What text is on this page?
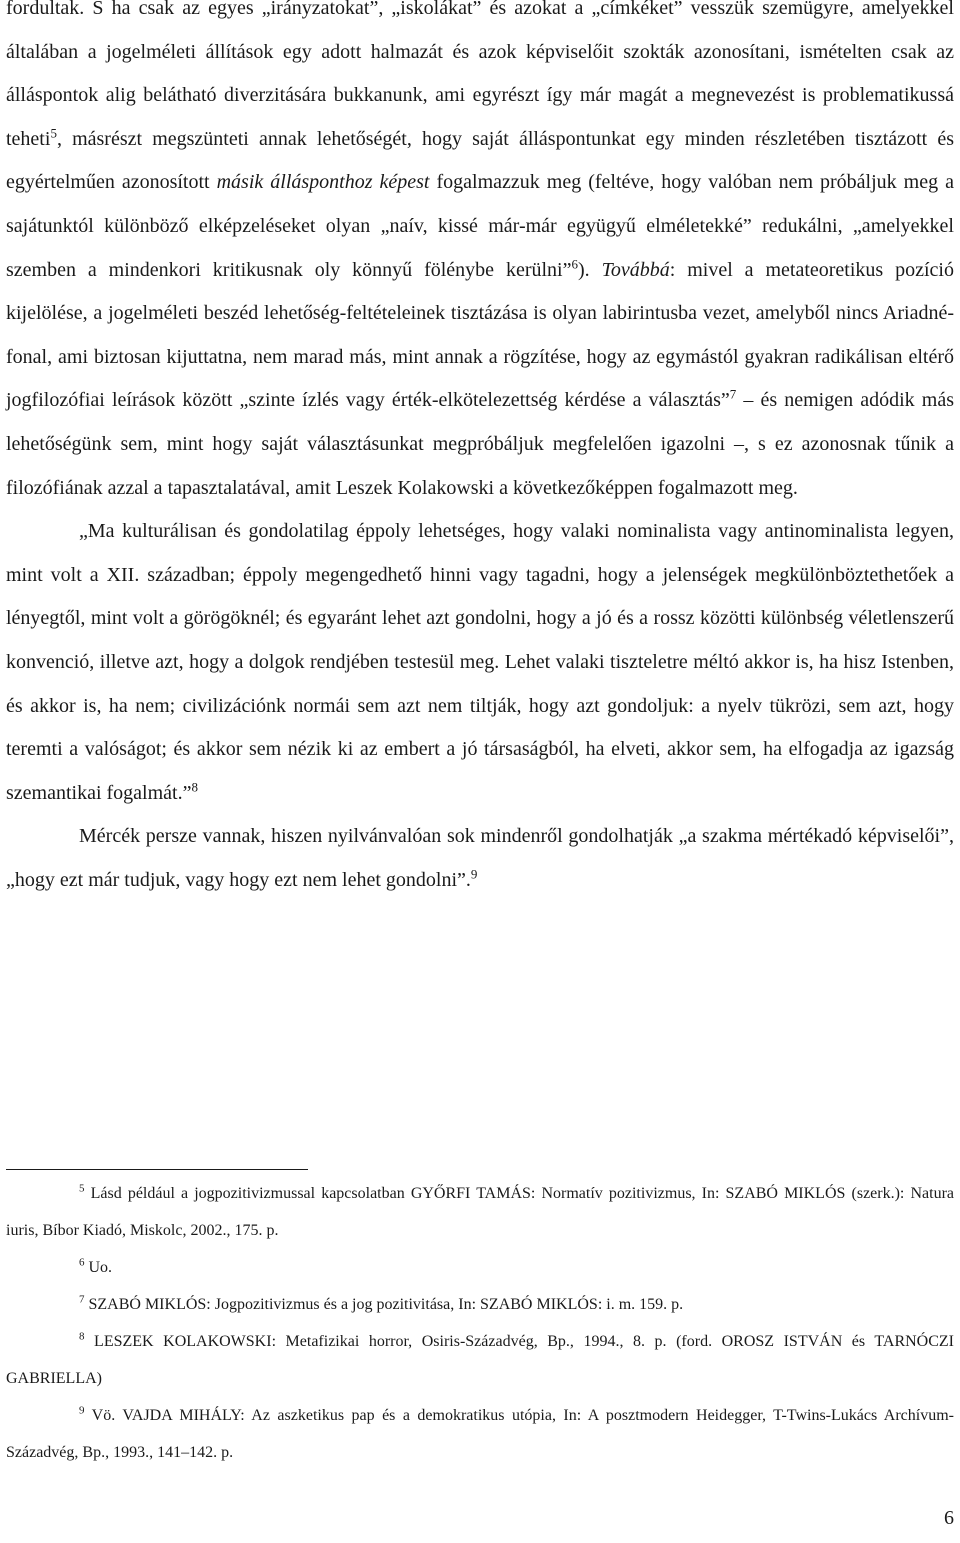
fordultak. S ha csak az egyes „irányzatokat”, „iskolákat” és azokat a „címkéket” vesszük szemügyre, amelyekkel általában a jogelméleti állítások egy adott halmazát és azok képviselőit szokták azonosítani, ismételten csak az álláspontok alig belátható diverzitására bukkanunk, ami egyrészt így már magát a megnevezést is problematikussá teheti$^5$, másrészt megszünteti annak lehetőségét, hogy saját álláspontunkat egy minden részletében tisztázott és egyértelműen azonosított másik állásponthoz képest fogalmazzuk meg (feltéve, hogy valóban nem próbáljuk meg a sajátunktól különböző elképzeléseket olyan „naív, kissé már-már együgyű elméletekké” redukálni, „amelyekkel szemben a mindenkori kritikusnak oly könnyű fölénybe kerülni”$^6$). Továbbá: mivel a metateoretikus pozíció kijelölése, a jogelméleti beszéd lehetőség-feltételeinek tisztázása is olyan labirintusba vezet, amelyből nincs Ariadné-fonal, ami biztosan kijuttatna, nem marad más, mint annak a rögzítése, hogy az egymástól gyakran radikálisan eltérő jogfilozófiai leírások között „szinte ízlés vagy érték-elkötelezettség kérdése a választás”$^7$ – és nemigen adódik más lehetőségünk sem, mint hogy saját választásunkat megpróbáljuk megfelelően igazolni –, s ez azonosnak tűnik a filozófiának azzal a tapasztalatával, amit Leszek Kolakowski a következőképpen fogalmazott meg.

„Ma kulturálisan és gondolatilag éppoly lehetséges, hogy valaki nominalista vagy antinominalista legyen, mint volt a XII. században; éppoly megengedhető hinni vagy tagadni, hogy a jelenségek megkülönböztethetőek a lényegtől, mint volt a görögöknél; és egyaránt lehet azt gondolni, hogy a jó és a rossz közötti különbség véletlenszerű konvenció, illetve azt, hogy a dolgok rendjében testesül meg. Lehet valaki tiszteletre méltó akkor is, ha hisz Istenben, és akkor is, ha nem; civilizációnk normái sem azt nem tiltják, hogy azt gondoljuk: a nyelv tükrözi, sem azt, hogy teremti a valóságot; és akkor sem nézik ki az embert a jó társaságból, ha elveti, akkor sem, ha elfogadja az igazság szemantikai fogalmát.”$^8$

Mércék persze vannak, hiszen nyilvánvalóan sok mindenről gondolhatják „a szakma mértékadó képviselői”, „hogy ezt már tudjuk, vagy hogy ezt nem lehet gondolni”.$^9$

$^5$ Lásd például a jogpozitivizmussal kapcsolatban GYŐRFI TAMÁS: Normatív pozitivizmus, In: SZABÓ MIKLÓS (szerk.): Natura iuris, Bíbor Kiadó, Miskolc, 2002., 175. p.

$^6$ Uo.

$^7$ SZABÓ MIKLÓS: Jogpozitivizmus és a jog pozitivitása, In: SZABÓ MIKLÓS: i. m. 159. p.

$^8$ LESZEK KOLAKOWSKI: Metafizikai horror, Osiris-Századvég, Bp., 1994., 8. p. (ford. OROSZ ISTVÁN és TARNÓCZI GABRIELLA)

$^9$ Vö. VAJDA MIHÁLY: Az aszketikus pap és a demokratikus utópia, In: A posztmodern Heidegger, T-Twins-Lukács Archívum-Századvég, Bp., 1993., 141–142. p.

6
